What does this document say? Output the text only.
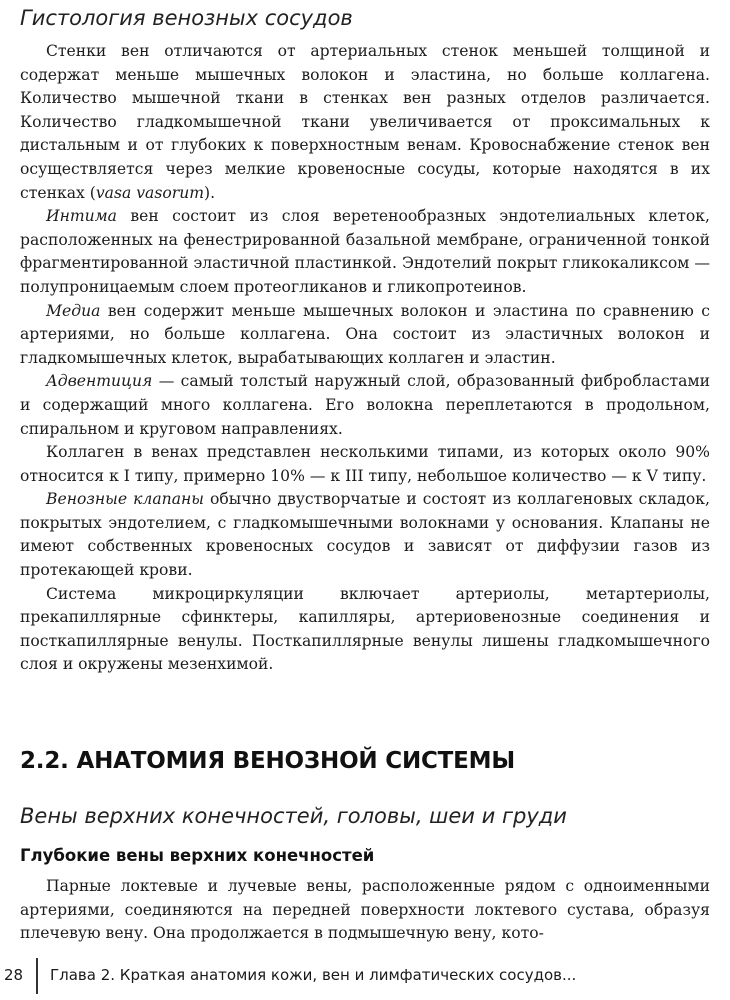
Гистология венозных сосудов

Стенки вен отличаются от артериальных стенок меньшей толщиной и содержат меньше мышечных волокон и эластина, но больше коллагена. Количество мышечной ткани в стенках вен разных отделов различается. Количество гладкомышечной ткани увеличивается от проксимальных к дистальным и от глубоких к поверхностным венам. Кровоснабжение стенок вен осуществляется через мелкие кровеносные сосуды, которые находятся в их стенках (vasa vasorum).

Интима вен состоит из слоя веретенообразных эндотелиальных клеток, расположенных на фенестрированной базальной мембране, ограниченной тонкой фрагментированной эластичной пластинкой. Эндотелий покрыт гликокаликсом — полупроницаемым слоем протеогликанов и гликопротеинов.

Медиа вен содержит меньше мышечных волокон и эластина по сравнению с артериями, но больше коллагена. Она состоит из эластичных волокон и гладкомышечных клеток, вырабатывающих коллаген и эластин.

Адвентиция — самый толстый наружный слой, образованный фибробластами и содержащий много коллагена. Его волокна переплетаются в продольном, спиральном и круговом направлениях.

Коллаген в венах представлен несколькими типами, из которых около 90% относится к I типу, примерно 10% — к III типу, небольшое количество — к V типу.

Венозные клапаны обычно двустворчатые и состоят из коллагеновых складок, покрытых эндотелием, с гладкомышечными волокнами у основания. Клапаны не имеют собственных кровеносных сосудов и зависят от диффузии газов из протекающей крови.

Система микроциркуляции включает артериолы, метартериолы, прекапиллярные сфинктеры, капилляры, артериовенозные соединения и посткапиллярные венулы. Посткапиллярные венулы лишены гладкомышечного слоя и окружены мезенхимой.

2.2. АНАТОМИЯ ВЕНОЗНОЙ СИСТЕМЫ
Вены верхних конечностей, головы, шеи и груди
Глубокие вены верхних конечностей

Парные локтевые и лучевые вены, расположенные рядом с одноименными артериями, соединяются на передней поверхности локтевого сустава, образуя плечевую вену. Она продолжается в подмышечную вену, кото-

28 Глава 2. Краткая анатомия кожи, вен и лимфатических сосудов...
